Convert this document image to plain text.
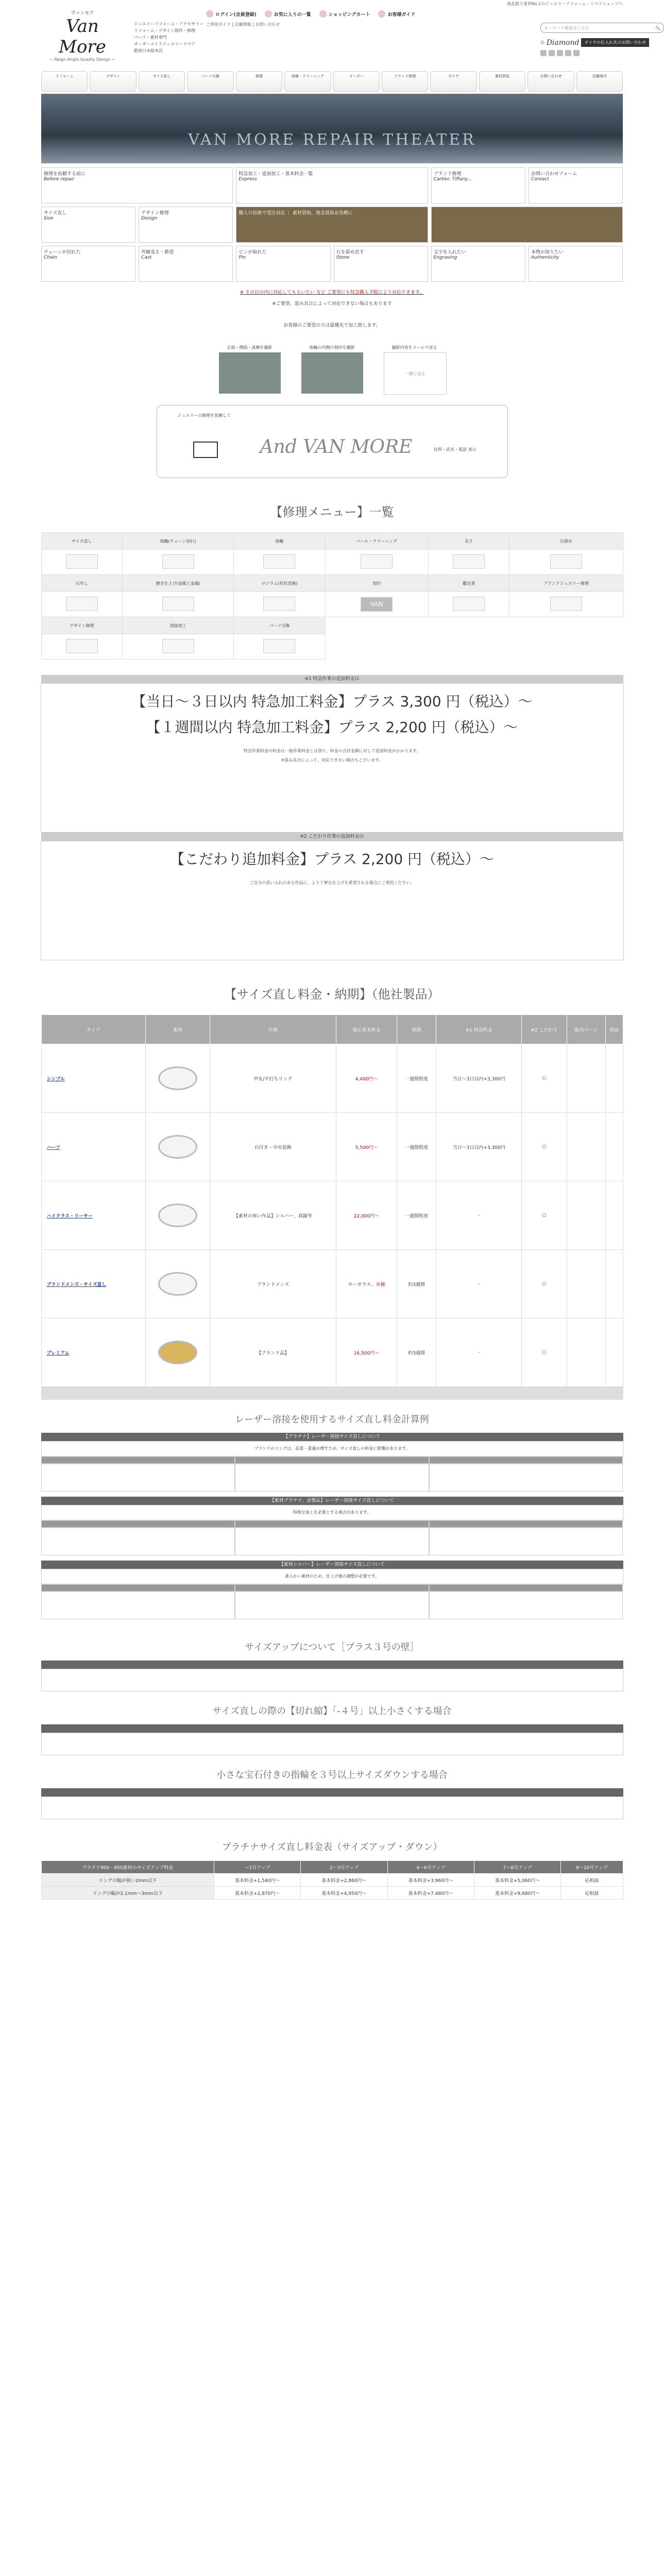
商品数で業界No.1のジュエリーリフォーム・リペアショップへ
ヴァンモア
Van More
~ Reign Anglo Quality Design ~
ジュエリーリフォーム・アクセサリー
リフォーム・デザイン制作・修理
パーツ・素材専門
オーダーメイドジュエリーリペア
銀座日本総本店
ログイン(会員登録)	お気に入りの一覧	ショッピングカート	お客様ガイド
ご利用ガイド | 店舗情報 | お問い合わせ
キーワード検索はこちら	🔍
◇ Diamond	ダイヤの仕入れ先のお問い合わせ
リフォーム	デザイン	サイズ直し	パーツ交換	修理	研磨・クリーニング	オーダー	ブランド修理	ダイヤ	素材買取	お問い合わせ	店舗案内
VAN MORE REPAIR THEATER
修理を依頼する前に
Before repair
特急加工・追加加工・基本料金一覧
Express
ブランド修理
Cartier, Tiffany...
お問い合わせフォーム
Contact
サイズ直し
Size
デザイン修理
Design
職人の技術で受注対応 ｜ 素材買取、地金買取お気軽に
チェーンが切れた
Chain
外観変え・鋳造
Cast
ピンが取れた
Pin
石を留め直す
Stone
文字を入れたい
Engraving
本物か知りたい
Authenticity
※ その日の内に対応してもらいたい など ご要望にも特急職人手配により対応できます。
※ご要望、混み具合によって対応できない場合もあります
お客様のご要望の方は最優先で加工致します。
正面・側面・真横を撮影	指輪の内側の刻印を撮影	撮影内容をメールで送る
一緒に送る
ジュエリーの修理を依頼して
And VAN MORE	住所・店名・電話 表示
【修理メニュー】一覧
サイズ直し	指輪(チェーン切れ)	指輪	バール・クリーニング	長さ	石留め

石外し	磨き仕上げ(金属と金属)	ロジウム(形状変換)	刻印	鑑定書	ブランドジュエリー修理
			VAN		
デザイン修理	溶接加工	パーツ交換			

※1 特急作業の追加料金は
【当日〜３日以内 特急加工料金】プラス 3,300 円（税込）〜
【１週間以内 特急加工料金】プラス 2,200 円（税込）〜
特急作業料金の料金は一般作業料金とは別で、料金の合計金額に対して追加料金がかかります。
※混み具合によって、対応できない場合もございます。
※2 こだわり作業の追加料金は
【こだわり追加料金】プラス 2,200 円（税込）〜
ご自分の思い入れのある作品に、より丁寧な仕上げを希望される場合にご利用ください。
【サイズ直し料金・納期】（他社製品）
タイプ	素材	仕様	修正基本料金	納期	※1 特急料金	※2 こだわり	販売ページ	保証
シンプル		甲丸/平打ちリング	4,400円〜	一週間程度	当日〜3日以内+3,300円	○		
ハーフ		石付き・中央装飾	5,500円〜	一週間程度	当日〜3日以内+3,300円	○		
ハイクラス・リーサー		【素材の厚い作品】シルバー、真鍮等	22,000円〜	一週間程度	-	○		
ブランドメンズ・サイズ直し		ブランドメンズ	ローガラス、各種	約3週間	-	○		
プレミアム		【ブランド品】	16,500円〜	約3週間	-	○		

レーザー溶接を使用するサイズ直し料金計算例
【プラチナ】レーザー溶接サイズ直しについて
ブランドのリングは、品質・重量が増すため、サイズ直しの料金に影響があります。
【素材プラチナ、金製品】レーザー溶接サイズ直しについて
特殊な加工を必要とする場合があります。
【素材シルバー】レーザー溶接サイズ直しについて
柔らかい素材のため、仕上げ後の調整が必要です。
サイズアップについて［プラス３号の壁］
サイズ直しの際の【切れ縮】「-４号」以上小さくする場合
小さな宝石付きの指輪を３号以上サイズダウンする場合
プラチナサイズ直し料金表（サイズアップ・ダウン）
プラチナ900・850素材のサイズアップ料金	〜1号アップ	2〜3号アップ	4〜6号アップ	7〜8号アップ	9〜10号アップ
リングの幅が狭い2mm以下	基本料金+1,540円〜	基本料金+2,860円〜	基本料金+3,960円〜	基本料金+5,060円〜	応相談
リングの幅が2.1mm〜3mm以下	基本料金+2,870円〜	基本料金+4,950円〜	基本料金+7,480円〜	基本料金+9,680円〜	応相談
